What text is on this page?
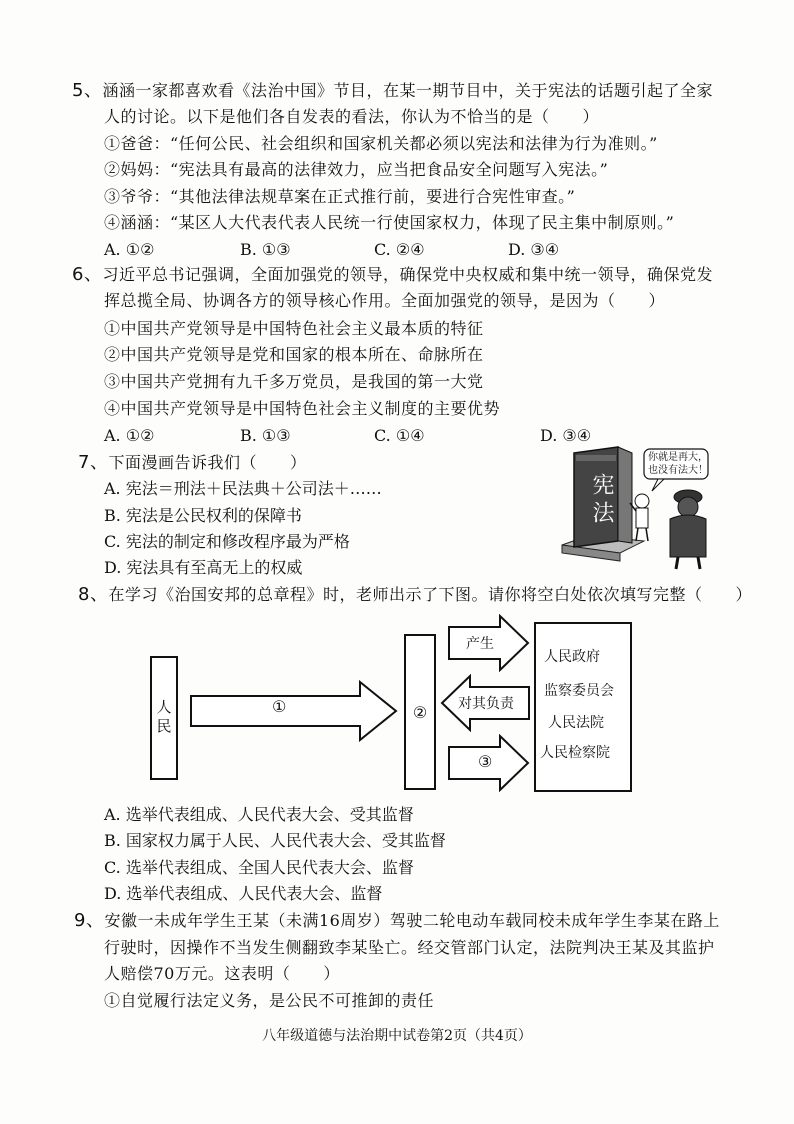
5、涵涵一家都喜欢看《法治中国》节目，在某一期节目中，关于宪法的话题引起了全家
人的讨论。以下是他们各自发表的看法，你认为不恰当的是（　　）
①爸爸：“任何公民、社会组织和国家机关都必须以宪法和法律为行为准则。”
②妈妈：“宪法具有最高的法律效力，应当把食品安全问题写入宪法。”
③爷爷：“其他法律法规草案在正式推行前，要进行合宪性审查。”
④涵涵：“某区人大代表代表人民统一行使国家权力，体现了民主集中制原则。”
A. ①②	B. ①③	C. ②④	D. ③④
6、习近平总书记强调，全面加强党的领导，确保党中央权威和集中统一领导，确保党发
挥总揽全局、协调各方的领导核心作用。全面加强党的领导，是因为（　　）
①中国共产党领导是中国特色社会主义最本质的特征
②中国共产党领导是党和国家的根本所在、命脉所在
③中国共产党拥有九千多万党员，是我国的第一大党
④中国共产党领导是中国特色社会主义制度的主要优势
A. ①②	B. ①③	C. ①④	D. ③④
7、下面漫画告诉我们（　　）
A. 宪法＝刑法＋民法典＋公司法＋……
B. 宪法是公民权利的保障书
C. 宪法的制定和修改程序最为严格
D. 宪法具有至高无上的权威
宪法
你就是再大，
也没有法大！
8、在学习《治国安邦的总章程》时，老师出示了下图。请你将空白处依次填写完整（　　）
人民	②
人民政府
监察委员会
人民法院
人民检察院
①
产生
对其负责
③
A. 选举代表组成、人民代表大会、受其监督
B. 国家权力属于人民、人民代表大会、受其监督
C. 选举代表组成、全国人民代表大会、监督
D. 选举代表组成、人民代表大会、监督
9、安徽一未成年学生王某（未满16周岁）驾驶二轮电动车载同校未成年学生李某在路上
行驶时，因操作不当发生侧翻致李某坠亡。经交管部门认定，法院判决王某及其监护
人赔偿70万元。这表明（　　）
①自觉履行法定义务，是公民不可推卸的责任
八年级道德与法治期中试卷第2页（共4页）
